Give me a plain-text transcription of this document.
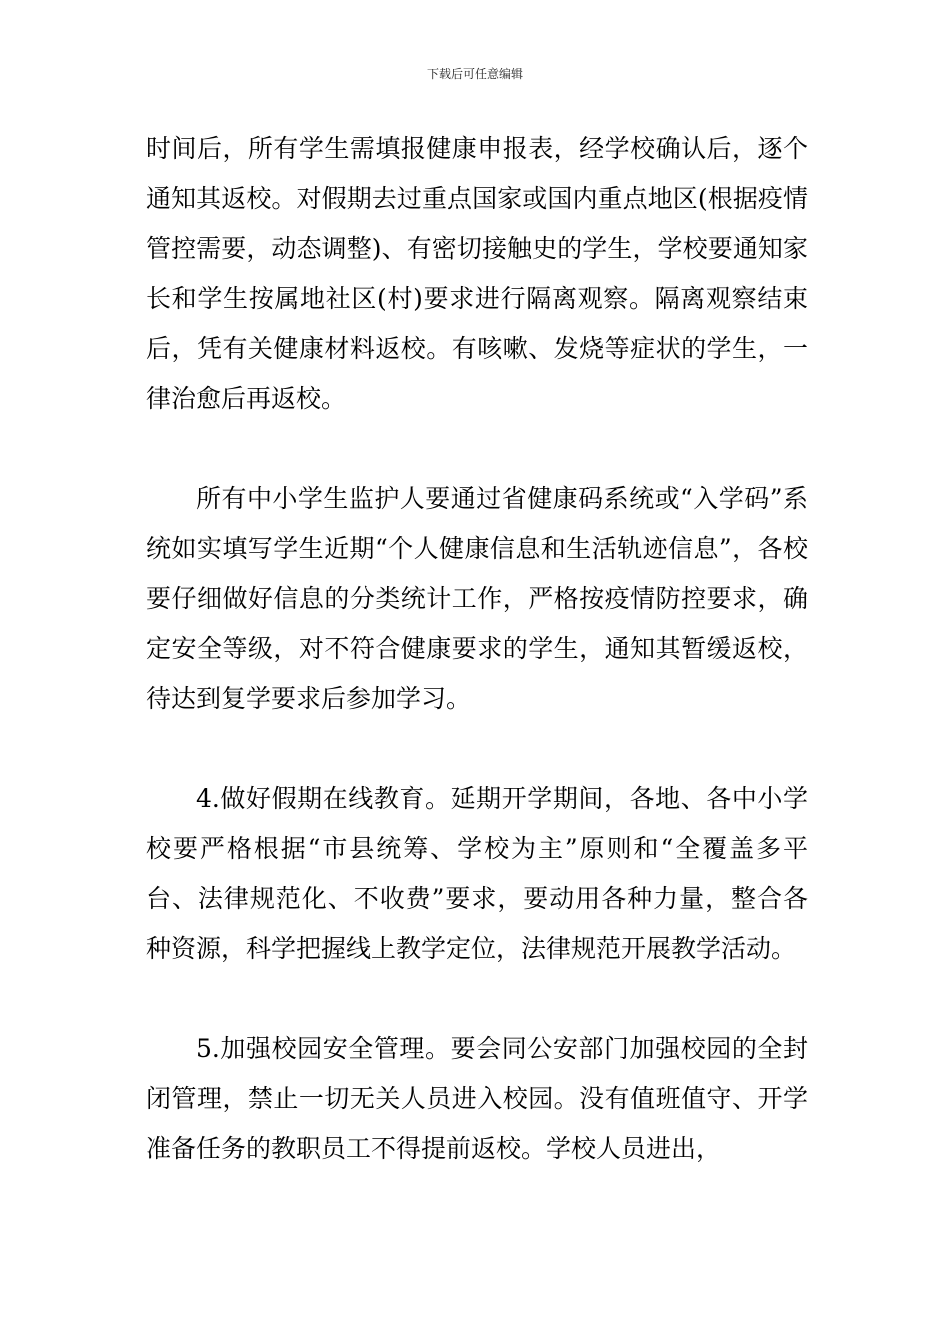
下载后可任意编辑

时间后，所有学生需填报健康申报表，经学校确认后，逐个通知其返校。对假期去过重点国家或国内重点地区(根据疫情管控需要，动态调整)、有密切接触史的学生，学校要通知家长和学生按属地社区(村)要求进行隔离观察。隔离观察结束后，凭有关健康材料返校。有咳嗽、发烧等症状的学生，一律治愈后再返校。

所有中小学生监护人要通过省健康码系统或“入学码”系统如实填写学生近期“个人健康信息和生活轨迹信息”，各校要仔细做好信息的分类统计工作，严格按疫情防控要求，确定安全等级，对不符合健康要求的学生，通知其暂缓返校，待达到复学要求后参加学习。

4.做好假期在线教育。延期开学期间，各地、各中小学校要严格根据“市县统筹、学校为主”原则和“全覆盖多平台、法律规范化、不收费”要求，要动用各种力量，整合各种资源，科学把握线上教学定位，法律规范开展教学活动。

5.加强校园安全管理。要会同公安部门加强校园的全封闭管理，禁止一切无关人员进入校园。没有值班值守、开学准备任务的教职员工不得提前返校。学校人员进出，
